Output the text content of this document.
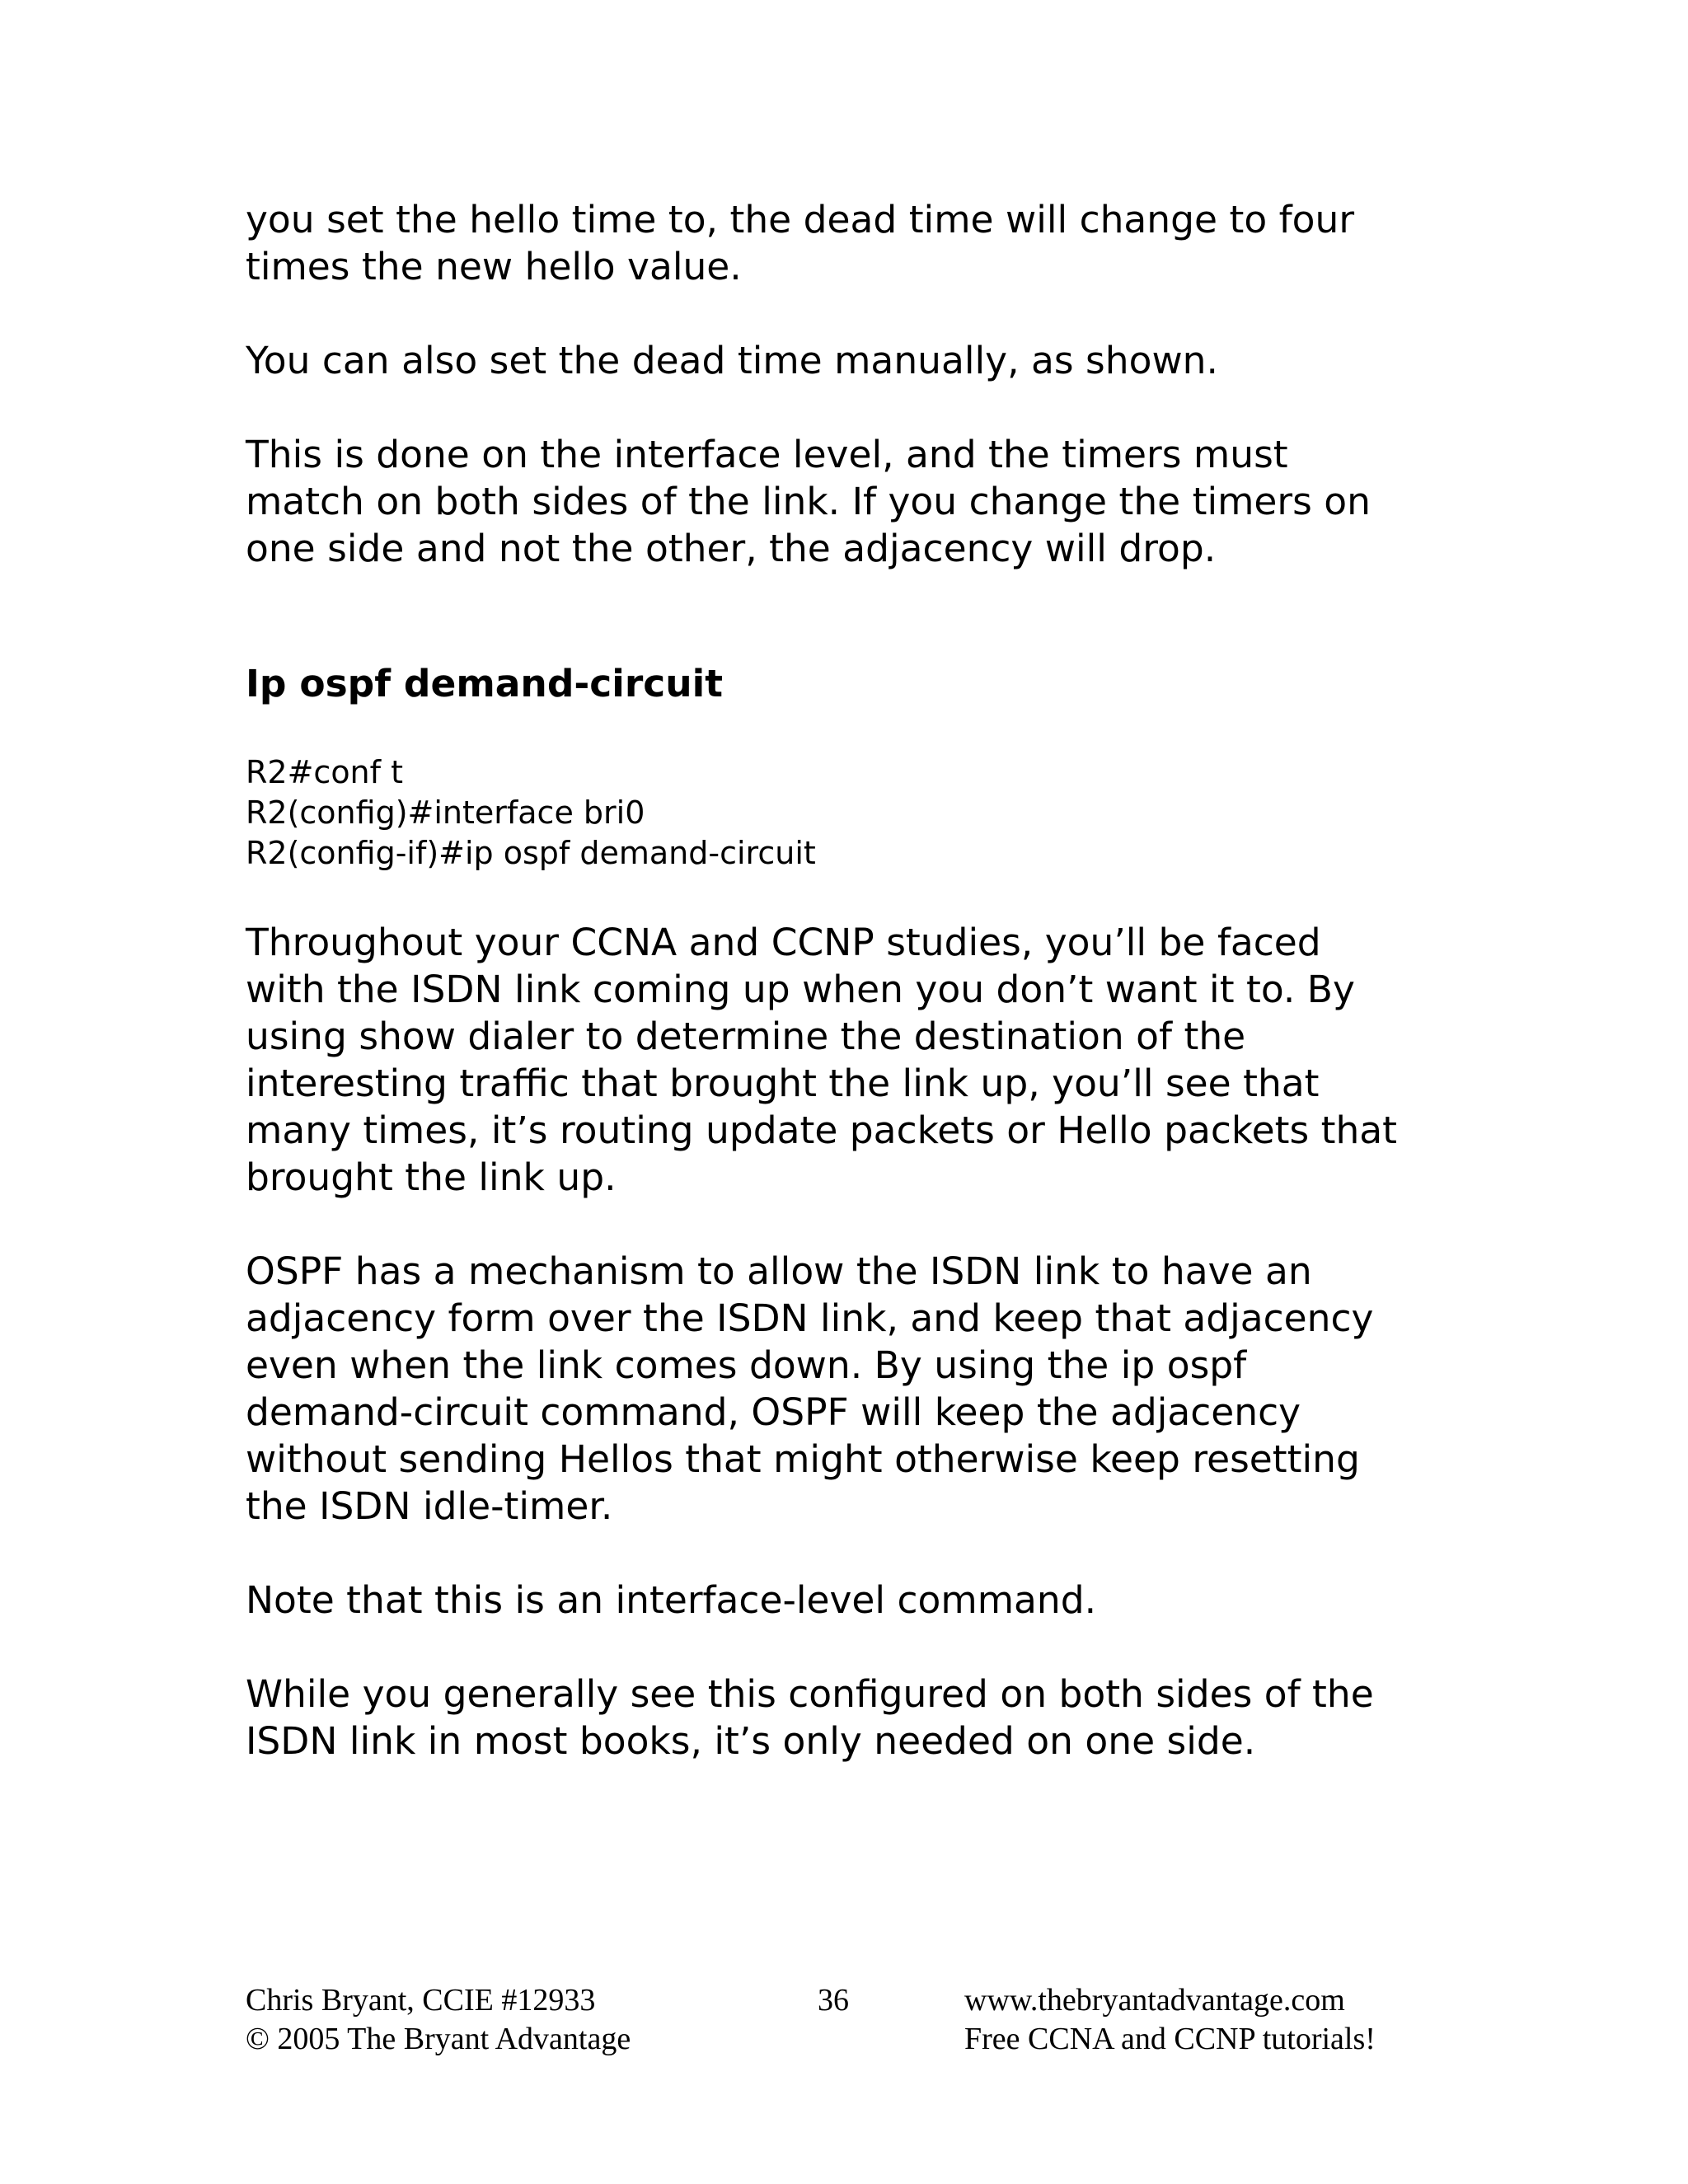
you set the hello time to, the dead time will change to four
times the new hello value.

You can also set the dead time manually, as shown.

This is done on the interface level, and the timers must
match on both sides of the link. If you change the timers on
one side and not the other, the adjacency will drop.

Ip ospf demand-circuit
R2#conf t
R2(config)#interface bri0
R2(config-if)#ip ospf demand-circuit

Throughout your CCNA and CCNP studies, you’ll be faced
with the ISDN link coming up when you don’t want it to. By
using show dialer to determine the destination of the
interesting traffic that brought the link up, you’ll see that
many times, it’s routing update packets or Hello packets that
brought the link up.

OSPF has a mechanism to allow the ISDN link to have an
adjacency form over the ISDN link, and keep that adjacency
even when the link comes down. By using the ip ospf
demand-circuit command, OSPF will keep the adjacency
without sending Hellos that might otherwise keep resetting
the ISDN idle-timer.

Note that this is an interface-level command.

While you generally see this configured on both sides of the
ISDN link in most books, it’s only needed on one side.

Chris Bryant, CCIE #12933
© 2005 The Bryant Advantage
36	www.thebryantadvantage.com
Free CCNA and CCNP tutorials!
